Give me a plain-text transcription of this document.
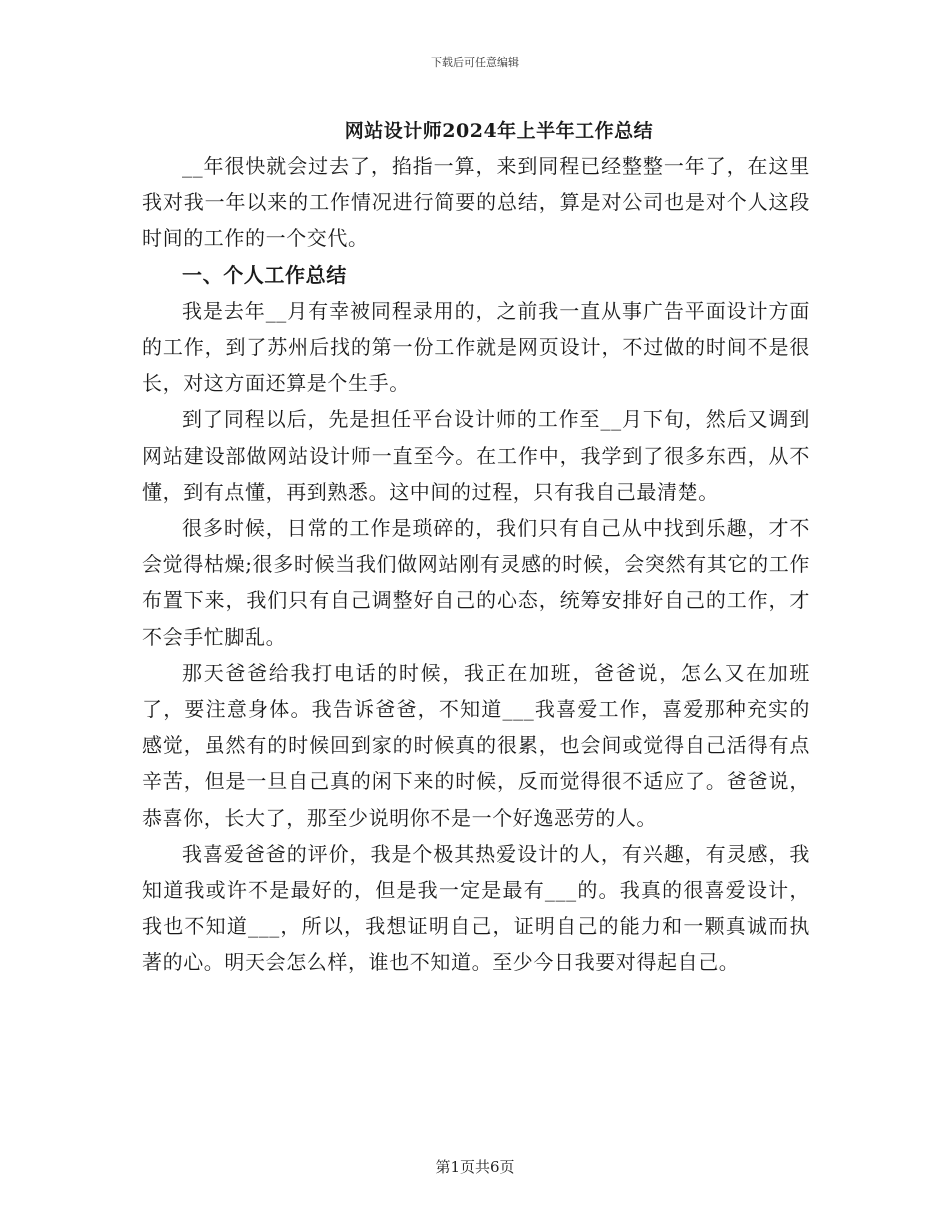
下载后可任意编辑
网站设计师2024年上半年工作总结

__年很快就会过去了，掐指一算，来到同程已经整整一年了，在这里我对我一年以来的工作情况进行简要的总结，算是对公司也是对个人这段时间的工作的一个交代。

一、个人工作总结

我是去年__月有幸被同程录用的，之前我一直从事广告平面设计方面的工作，到了苏州后找的第一份工作就是网页设计，不过做的时间不是很长，对这方面还算是个生手。

到了同程以后，先是担任平台设计师的工作至__月下旬，然后又调到网站建设部做网站设计师一直至今。在工作中，我学到了很多东西，从不懂，到有点懂，再到熟悉。这中间的过程，只有我自己最清楚。

很多时候，日常的工作是琐碎的，我们只有自己从中找到乐趣，才不会觉得枯燥;很多时候当我们做网站刚有灵感的时候，会突然有其它的工作布置下来，我们只有自己调整好自己的心态，统筹安排好自己的工作，才不会手忙脚乱。

那天爸爸给我打电话的时候，我正在加班，爸爸说，怎么又在加班了，要注意身体。我告诉爸爸，不知道___我喜爱工作，喜爱那种充实的感觉，虽然有的时候回到家的时候真的很累，也会间或觉得自己活得有点辛苦，但是一旦自己真的闲下来的时候，反而觉得很不适应了。爸爸说，恭喜你，长大了，那至少说明你不是一个好逸恶劳的人。

我喜爱爸爸的评价，我是个极其热爱设计的人，有兴趣，有灵感，我知道我或许不是最好的，但是我一定是最有___的。我真的很喜爱设计，我也不知道___，所以，我想证明自己，证明自己的能力和一颗真诚而执著的心。明天会怎么样，谁也不知道。至少今日我要对得起自己。

第1页共6页
